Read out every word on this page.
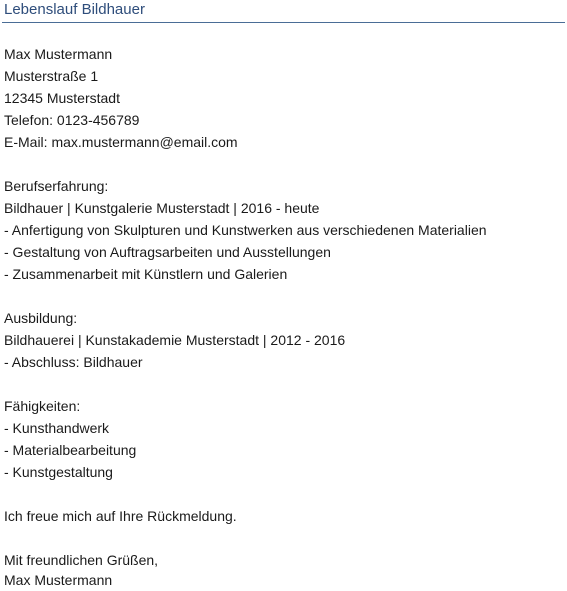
Lebenslauf Bildhauer
Max Mustermann
Musterstraße 1
12345 Musterstadt
Telefon: 0123-456789
E-Mail: max.mustermann@email.com
Berufserfahrung:
Bildhauer | Kunstgalerie Musterstadt | 2016 - heute
- Anfertigung von Skulpturen und Kunstwerken aus verschiedenen Materialien
- Gestaltung von Auftragsarbeiten und Ausstellungen
- Zusammenarbeit mit Künstlern und Galerien
Ausbildung:
Bildhauerei | Kunstakademie Musterstadt | 2012 - 2016
- Abschluss: Bildhauer
Fähigkeiten:
- Kunsthandwerk
- Materialbearbeitung
- Kunstgestaltung
Ich freue mich auf Ihre Rückmeldung.
Mit freundlichen Grüßen,
Max Mustermann
